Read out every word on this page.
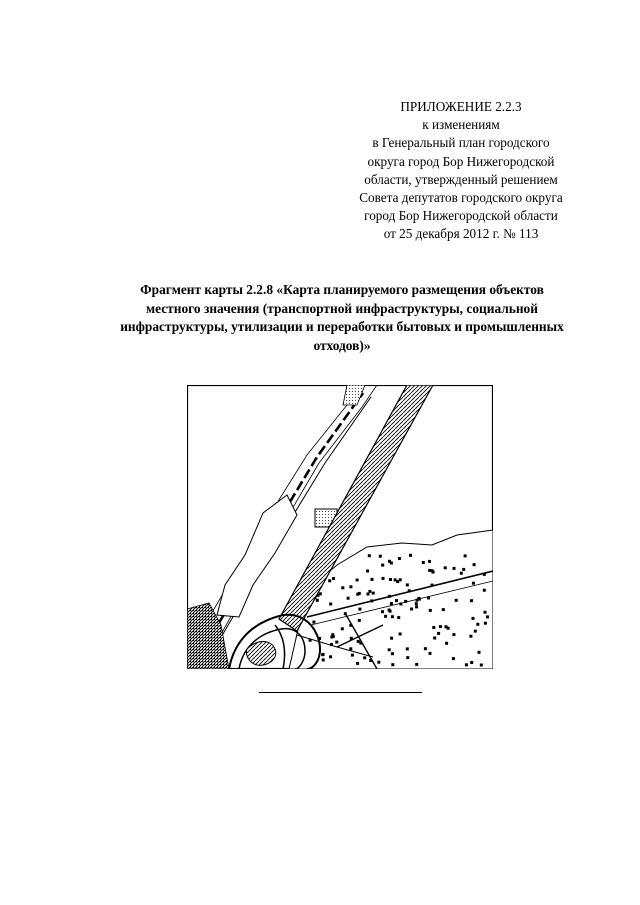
ПРИЛОЖЕНИЕ 2.2.3
к изменениям
в Генеральный план городского
округа город Бор Нижегородской
области, утвержденный решением
Совета депутатов городского округа
город Бор Нижегородской области
от 25 декабря 2012 г. № 113
Фрагмент карты 2.2.8 «Карта планируемого размещения объектов
местного значения (транспортной инфраструктуры, социальной
инфраструктуры, утилизации и переработки бытовых и промышленных
отходов)»
